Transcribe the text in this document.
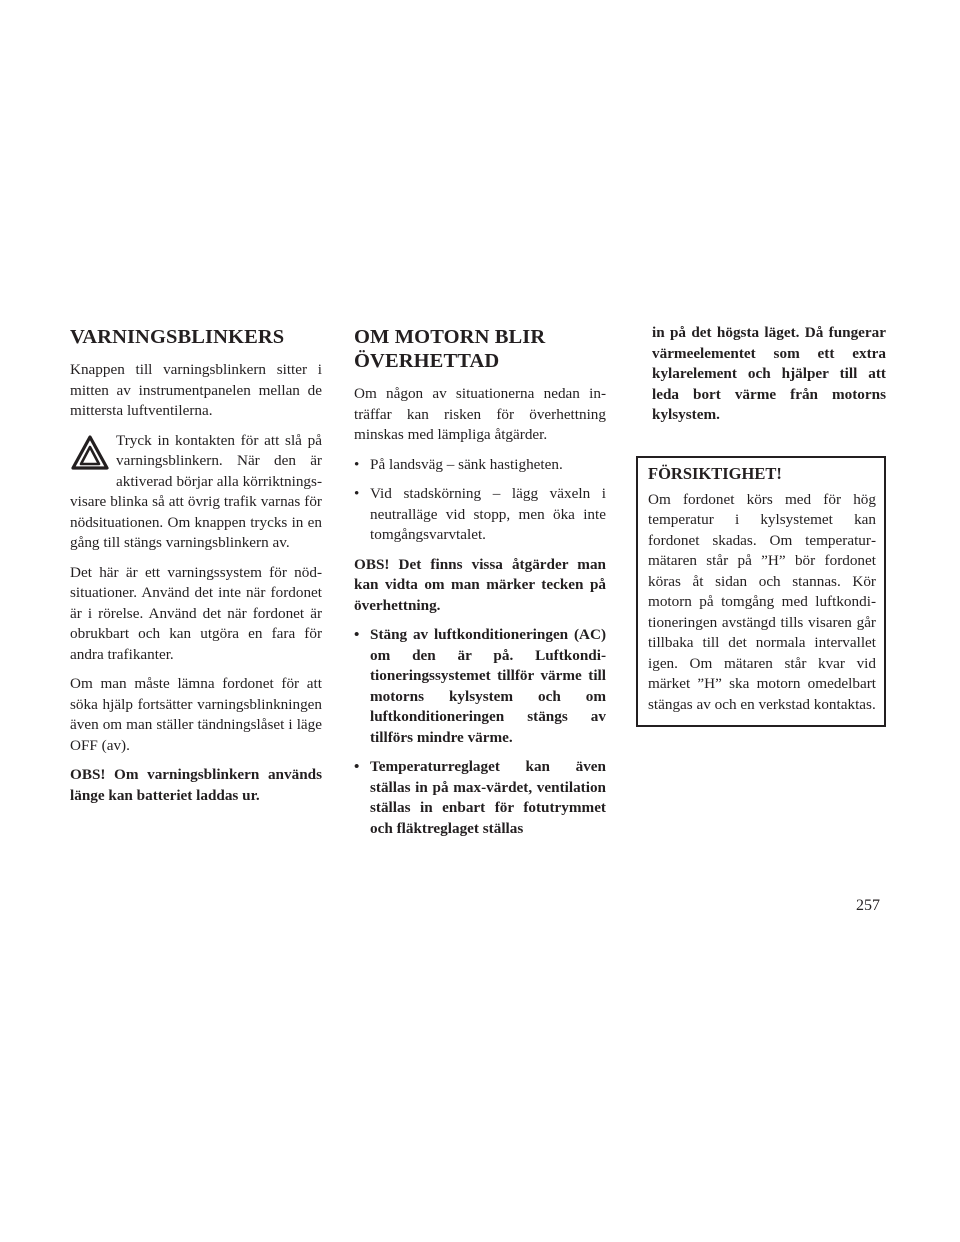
VARNINGSBLINKERS

Knappen till varningsblinkern sitter i mitten av instrumentpanelen mellan de mittersta luftventilerna.

Tryck in kontakten för att slå på varningsblinkern. När den är aktiverad börjar alla körriktningsvisare blinka så att övrig trafik varnas för nödsituationen. Om knappen trycks in en gång till stängs varningsblinkern av.

Det här är ett varningssystem för nödsituationer. Använd det inte när fordonet är i rörelse. Använd det när fordonet är obrukbart och kan utgöra en fara för andra trafikanter.

Om man måste lämna fordonet för att söka hjälp fortsätter varningsblinkningen även om man ställer tändningslåset i läge OFF (av).

OBS! Om varningsblinkern används länge kan batteriet laddas ur.

OM MOTORN BLIR ÖVERHETTAD

Om någon av situationerna nedan inträffar kan risken för överhettning minskas med lämpliga åtgärder.

• På landsväg – sänk hastigheten.
• Vid stadskörning – lägg växeln i neutralläge vid stopp, men öka inte tomgångsvarvtalet.

OBS! Det finns vissa åtgärder man kan vidta om man märker tecken på överhettning.

• Stäng av luftkonditioneringen (AC) om den är på. Luftkonditioneringssystemet tillför värme till motorns kylsystem och om luftkonditioneringen stängs av tillförs mindre värme.
• Temperaturreglaget kan även ställas in på max-värdet, ventilation ställas in enbart för fotutrymmet och fläktreglaget ställas

in på det högsta läget. Då fungerar värmeelementet som ett extra kylarelement och hjälper till att leda bort värme från motorns kylsystem.

FÖRSIKTIGHET!

Om fordonet körs med för hög temperatur i kylsystemet kan fordonet skadas. Om temperaturmätaren står på ”H” bör fordonet köras åt sidan och stannas. Kör motorn på tomgång med luftkonditioneringen avstängd tills visaren går tillbaka till det normala intervallet igen. Om mätaren står kvar vid märket ”H” ska motorn omedelbart stängas av och en verkstad kontaktas.

257
